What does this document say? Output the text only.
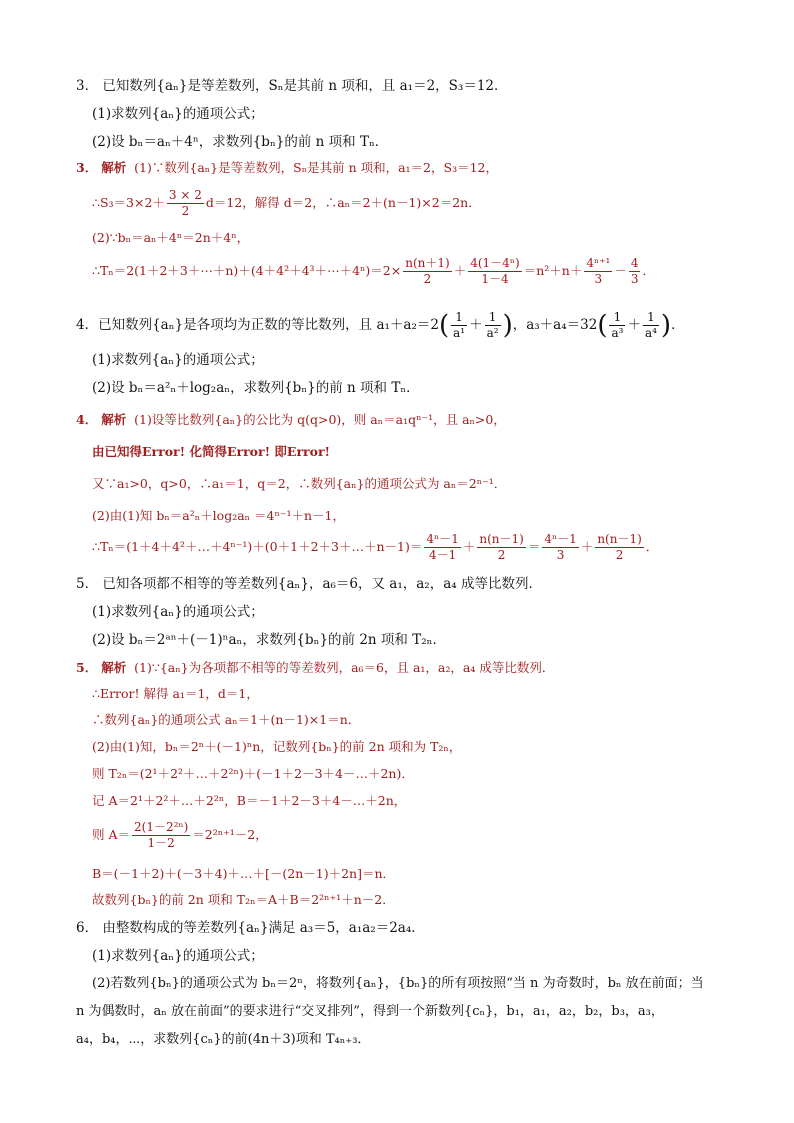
3． 已知数列{aₙ}是等差数列，Sₙ是其前 n 项和，且 a₁＝2，S₃＝12．
(1)求数列{aₙ}的通项公式；
(2)设 bₙ＝aₙ＋4ⁿ，求数列{bₙ}的前 n 项和 Tₙ．
3． 解析 (1)∵数列{aₙ}是等差数列，Sₙ是其前 n 项和，a₁＝2，S₃＝12，
∴S₃＝3×2＋ $\frac{3 \times 2}{2} d=12$，解得 d＝2，∴aₙ＝2＋(n－1)×2＝2n．
(2)∵bₙ＝aₙ＋4ⁿ＝2n＋4ⁿ，
∴Tₙ＝2(1＋2＋3＋⋯＋n)＋(4＋4²＋4³＋⋯＋4ⁿ)＝2× $\frac{n(n+1)}{2} + \frac{\text{4(1－4ⁿ)}}{1-4} =n^2+n+ \frac{\text{4ⁿ⁺¹}}{3} - \frac{4}{3}$ ．
4．已知数列{aₙ}是各项均为正数的等比数列，且 $a_1+a_2=2( \frac{1}{\text{a¹}} + \frac{1}{\text{a²}}$ )，$a_3+a_4=32( \frac{1}{\text{a³}} + \frac{1}{\text{a⁴}}$ )．
(1)求数列{aₙ}的通项公式；
(2)设 bₙ＝a²ₙ＋log₂aₙ，求数列{bₙ}的前 n 项和 Tₙ．
4． 解析 (1)设等比数列{aₙ}的公比为 q(q>0)，则 aₙ＝a₁qⁿ⁻¹，且 aₙ>0，
由已知得Error! 化简得Error! 即Error!
又∵a₁>0，q>0，∴a₁＝1，q＝2，∴数列{aₙ}的通项公式为 aₙ＝2ⁿ⁻¹．
(2)由(1)知 bₙ＝a²ₙ＋log₂aₙ ＝4ⁿ⁻¹＋n－1，
∴Tₙ＝(1＋4＋4²＋…＋4ⁿ⁻¹)＋(0＋1＋2＋3＋…＋n－1)＝ $\frac{\text{4ⁿ－1}}{4-1} + \frac{n(n-1)}{2} = \frac{\text{4ⁿ－1}}{3} + \frac{n(n-1)}{2}$ ．
5． 已知各项都不相等的等差数列{aₙ}，a₆＝6，又 a₁，a₂，a₄ 成等比数列．
(1)求数列{aₙ}的通项公式；
(2)设 bₙ＝2ᵃⁿ＋(－1)ⁿaₙ，求数列{bₙ}的前 2n 项和 T₂ₙ．
5． 解析 (1)∵{aₙ}为各项都不相等的等差数列，a₆＝6，且 a₁，a₂，a₄ 成等比数列．
∴Error! 解得 a₁＝1，d＝1，
∴数列{aₙ}的通项公式 aₙ＝1＋(n－1)×1＝n．
(2)由(1)知，bₙ＝2ⁿ＋(－1)ⁿn，记数列{bₙ}的前 2n 项和为 T₂ₙ，
则 T₂ₙ＝(2¹＋2²＋…＋2²ⁿ)＋(－1＋2－3＋4－…＋2n)．
记 A＝2¹＋2²＋…＋2²ⁿ，B＝－1＋2－3＋4－…＋2n，
则 $A= \frac{\text{2(1－2²ⁿ)}}{1-2} =2^{2n+1}-2$，
B＝(－1＋2)＋(－3＋4)＋…＋[－(2n－1)＋2n]＝n．
故数列{bₙ}的前 2n 项和 T₂ₙ＝A＋B＝2²ⁿ⁺¹＋n－2．
6． 由整数构成的等差数列{aₙ}满足 a₃＝5，a₁a₂＝2a₄．
(1)求数列{aₙ}的通项公式；
(2)若数列{bₙ}的通项公式为 bₙ＝2ⁿ，将数列{aₙ}，{bₙ}的所有项按照“当 n 为奇数时，bₙ 放在前面；当
n 为偶数时，aₙ 放在前面”的要求进行“交叉排列”，得到一个新数列{cₙ}，b₁，a₁，a₂，b₂，b₃，a₃，
a₄，b₄，⋯，求数列{cₙ}的前(4n＋3)项和 T₄ₙ₊₃．
